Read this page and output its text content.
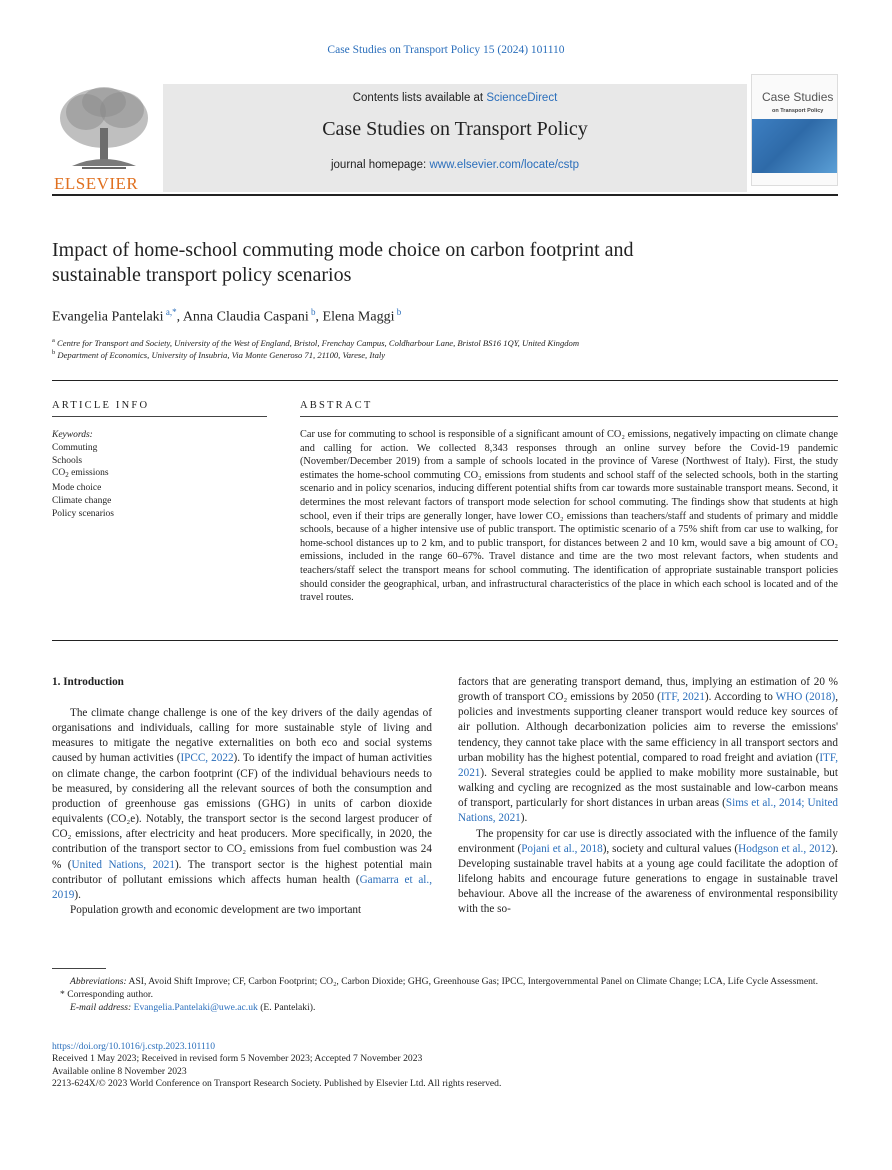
Case Studies on Transport Policy 15 (2024) 101110
ELSEVIER
Contents lists available at ScienceDirect
Case Studies on Transport Policy
journal homepage: www.elsevier.com/locate/cstp
Case Studies
on Transport Policy
Impact of home-school commuting mode choice on carbon footprint and
sustainable transport policy scenarios
Evangelia Pantelaki $^{a,*}$, Anna Claudia Caspani $^b$, Elena Maggi $^b$
$^a$ Centre for Transport and Society, University of the West of England, Bristol, Frenchay Campus, Coldharbour Lane, Bristol BS16 1QY, United Kingdom
$^b$ Department of Economics, University of Insubria, Via Monte Generoso 71, 21100, Varese, Italy
ARTICLE INFO	ABSTRACT
Keywords:
Commuting
Schools
$CO_2$ emissions
Mode choice
Climate change
Policy scenarios
Car use for commuting to school is responsible of a significant amount of CO₂ emissions, negatively impacting on climate change and calling for action. We collected 8,343 responses through an online survey before the Covid-19 pandemic (November/December 2019) from a sample of schools located in the province of Varese (Northwest of Italy). First, the study estimates the home-school commuting CO₂ emissions from students and school staff of the selected schools, both in the starting scenario and in policy scenarios, inducing different potential shifts from car towards more sustainable transport means. Second, it determines the most relevant factors of transport mode selection for school commuting. The findings show that students at high school, even if their trips are generally longer, have lower CO₂ emissions than teachers/staff and students of primary and middle schools, because of a higher intensive use of public transport. The optimistic scenario of a 75% shift from car use to walking, for home-school distances up to 2 km, and to public transport, for distances between 2 and 10 km, would save a big amount of CO₂ emissions, included in the range 60–67%. Travel distance and time are the two most relevant factors, when students and teachers/staff select the transport means for school commuting. The identification of appropriate sustainable transport policies should consider the geographical, urban, and infrastructural characteristics of the place in which each school is located and of the travel routes.
1. Introduction

The climate change challenge is one of the key drivers of the daily agendas of organisations and individuals, calling for more sustainable style of living and measures to mitigate the negative externalities on both eco and social systems caused by human activities (IPCC, 2022). To identify the impact of human activities on climate change, the carbon footprint (CF) of the individual behaviours needs to be measured, by considering all the relevant sources of both the consumption and production of greenhouse gas emissions (GHG) in units of carbon dioxide equivalents (CO₂e). Notably, the transport sector is the second largest producer of CO₂ emissions, after electricity and heat producers. More specifically, in 2020, the contribution of the transport sector to CO₂ emissions from fuel combustion was 24 % (United Nations, 2021). The transport sector is the highest potential main contributor of pollutant emissions which affects human health (Gamarra et al., 2019).

Population growth and economic development are two important

factors that are generating transport demand, thus, implying an estimation of 20 % growth of transport CO₂ emissions by 2050 (ITF, 2021). According to WHO (2018), policies and investments supporting cleaner transport would reduce key sources of air pollution. Although decarbonization policies aim to reverse the emissions' tendency, they cannot take place with the same efficiency in all transport sectors and urban mobility has the highest potential, compared to road freight and aviation (ITF, 2021). Several strategies could be applied to make mobility more sustainable, but walking and cycling are recognized as the most sustainable and low-carbon means of transport, particularly for short distances in urban areas (Sims et al., 2014; United Nations, 2021).

The propensity for car use is directly associated with the influence of the family environment (Pojani et al., 2018), society and cultural values (Hodgson et al., 2012). Developing sustainable travel habits at a young age could facilitate the adoption of lifelong habits and encourage future generations to engage in sustainable travel behaviour. Above all the increase of the awareness of environmental responsibility with the so-

Abbreviations: ASI, Avoid Shift Improve; CF, Carbon Footprint; CO₂, Carbon Dioxide; GHG, Greenhouse Gas; IPCC, Intergovernmental Panel on Climate Change; LCA, Life Cycle Assessment.
* Corresponding author.
E-mail address: Evangelia.Pantelaki@uwe.ac.uk (E. Pantelaki).
https://doi.org/10.1016/j.cstp.2023.101110
Received 1 May 2023; Received in revised form 5 November 2023; Accepted 7 November 2023
Available online 8 November 2023
2213-624X/© 2023 World Conference on Transport Research Society. Published by Elsevier Ltd. All rights reserved.
